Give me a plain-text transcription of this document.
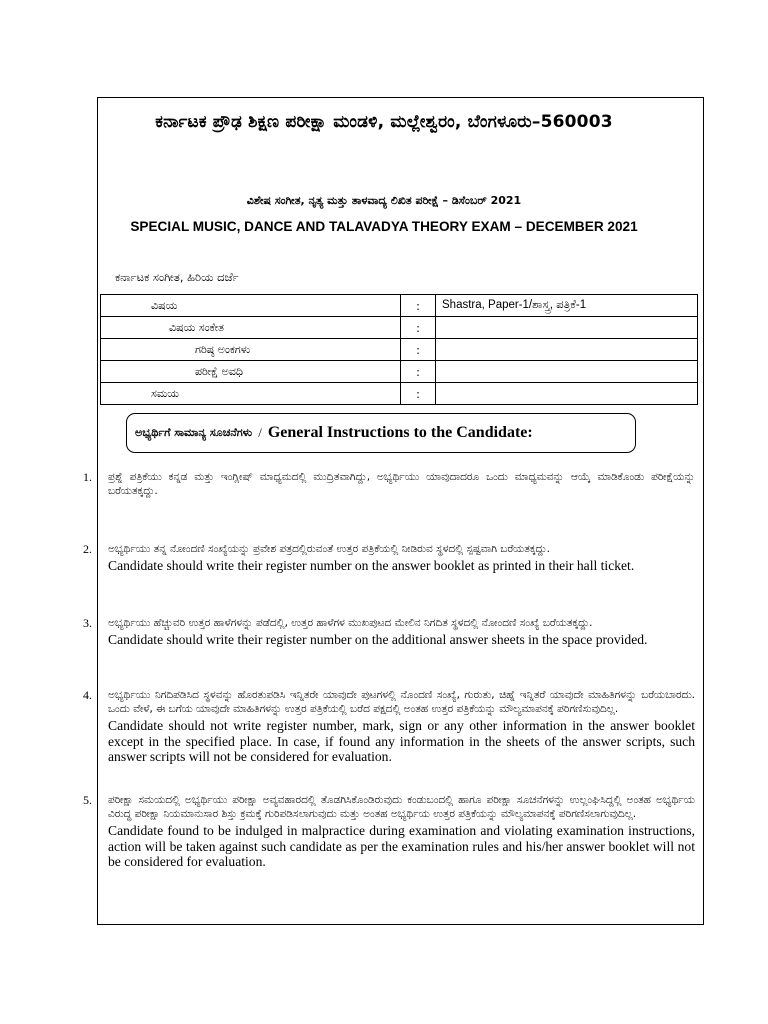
ಕರ್ನಾಟಕ ಪ್ರೌಢ ಶಿಕ್ಷಣ ಪರೀಕ್ಷಾ ಮಂಡಳಿ, ಮಲ್ಲೇಶ್ವರಂ, ಬೆಂಗಳೂರು–560003
ವಿಶೇಷ ಸಂಗೀತ, ನೃತ್ಯ ಮತ್ತು ತಾಳವಾದ್ಯ ಲಿಖಿತ ಪರೀಕ್ಷೆ – ಡಿಸೆಂಬರ್ 2021
SPECIAL MUSIC, DANCE AND TALAVADYA THEORY EXAM – DECEMBER 2021
ಕರ್ನಾಟಕ ಸಂಗೀತ, ಹಿರಿಯ ದರ್ಜೆ
ವಿಷಯ	:	Shastra, Paper-1/ಶಾಸ್ತ್ರ, ಪತ್ರಿಕೆ-1
ವಿಷಯ ಸಂಕೇತ	:	
ಗರಿಷ್ಠ ಅಂಕಗಳು	:	
ಪರೀಕ್ಷೆ ಅವಧಿ	:	
ಸಮಯ	:	
ಅಭ್ಯರ್ಥಿಗೆ ಸಾಮಾನ್ಯ ಸೂಚನೆಗಳು / General Instructions to the Candidate:
1.	ಪ್ರಶ್ನೆ ಪತ್ರಿಕೆಯು ಕನ್ನಡ ಮತ್ತು ಇಂಗ್ಲೀಷ್ ಮಾಧ್ಯಮದಲ್ಲಿ ಮುದ್ರಿತವಾಗಿದ್ದು, ಅಭ್ಯರ್ಥಿಯು ಯಾವುದಾದರೂ ಒಂದು ಮಾಧ್ಯಮವನ್ನು ಆಯ್ಕೆ ಮಾಡಿಕೊಂಡು ಪರೀಕ್ಷೆಯನ್ನು ಬರೆಯತಕ್ಕದ್ದು.
2.	ಅಭ್ಯರ್ಥಿಯು ತನ್ನ ನೋಂದಣಿ ಸಂಖ್ಯೆಯನ್ನು ಪ್ರವೇಶ ಪತ್ರದಲ್ಲಿರುವಂತೆ ಉತ್ತರ ಪತ್ರಿಕೆಯಲ್ಲಿ ನೀಡಿರುವ ಸ್ಥಳದಲ್ಲಿ ಸ್ಪಷ್ಟವಾಗಿ ಬರೆಯತಕ್ಕದ್ದು.
Candidate should write their register number on the answer booklet as printed in their hall ticket.
3.	ಅಭ್ಯರ್ಥಿಯು ಹೆಚ್ಚುವರಿ ಉತ್ತರ ಹಾಳೆಗಳನ್ನು ಪಡೆದಲ್ಲಿ, ಉತ್ತರ ಹಾಳೆಗಳ ಮುಖಪುಟದ ಮೇಲಿನ ನಿಗದಿತ ಸ್ಥಳದಲ್ಲಿ ನೋಂದಣಿ ಸಂಖ್ಯೆ ಬರೆಯತಕ್ಕದ್ದು.
Candidate should write their register number on the additional answer sheets in the space provided.
4.	ಅಭ್ಯರ್ಥಿಯು ನಿಗದಿಪಡಿಸಿದ ಸ್ಥಳವನ್ನು ಹೊರತುಪಡಿಸಿ ಇನ್ನಿತರೇ ಯಾವುದೇ ಪುಟಗಳಲ್ಲಿ ನೊಂದಣಿ ಸಂಖ್ಯೆ, ಗುರುತು, ಚಿಹ್ನೆ ಇನ್ನಿತರೆ ಯಾವುದೇ ಮಾಹಿತಿಗಳನ್ನು ಬರೆಯಬಾರದು. ಒಂದು ವೇಳೆ, ಈ ಬಗೆಯ ಯಾವುದೇ ಮಾಹಿತಿಗಳನ್ನು ಉತ್ತರ ಪತ್ರಿಕೆಯಲ್ಲಿ ಬರೆದ ಪಕ್ಷದಲ್ಲಿ ಅಂತಹ ಉತ್ತರ ಪತ್ರಿಕೆಯನ್ನು ಮೌಲ್ಯಮಾಪನಕ್ಕೆ ಪರಿಗಣಿಸುವುದಿಲ್ಲ.
Candidate should not write register number, mark, sign or any other information in the answer booklet except in the specified place. In case, if found any information in the sheets of the answer scripts, such answer scripts will not be considered for evaluation.
5.	ಪರೀಕ್ಷಾ ಸಮಯದಲ್ಲಿ ಅಭ್ಯರ್ಥಿಯು ಪರೀಕ್ಷಾ ಅವ್ಯವಹಾರದಲ್ಲಿ ತೊಡಗಿಸಿಕೊಂಡಿರುವುದು ಕಂಡುಬಂದಲ್ಲಿ ಹಾಗೂ ಪರೀಕ್ಷಾ ಸೂಚನೆಗಳನ್ನು ಉಲ್ಲಂಘಿಸಿದ್ದಲ್ಲಿ ಅಂತಹ ಅಭ್ಯರ್ಥಿಯ ವಿರುದ್ಧ ಪರೀಕ್ಷಾ ನಿಯಮಾನುಸಾರ ಶಿಸ್ತು ಕ್ರಮಕ್ಕೆ ಗುರಿಪಡಿಸಲಾಗುವುದು ಮತ್ತು ಅಂತಹ ಅಭ್ಯರ್ಥಿಯ ಉತ್ತರ ಪತ್ರಿಕೆಯನ್ನು ಮೌಲ್ಯಮಾಪನಕ್ಕೆ ಪರಿಗಣಿಸಲಾಗುವುದಿಲ್ಲ.
Candidate found to be indulged in malpractice during examination and violating examination instructions, action will be taken against such candidate as per the examination rules and his/her answer booklet will not be considered for evaluation.
